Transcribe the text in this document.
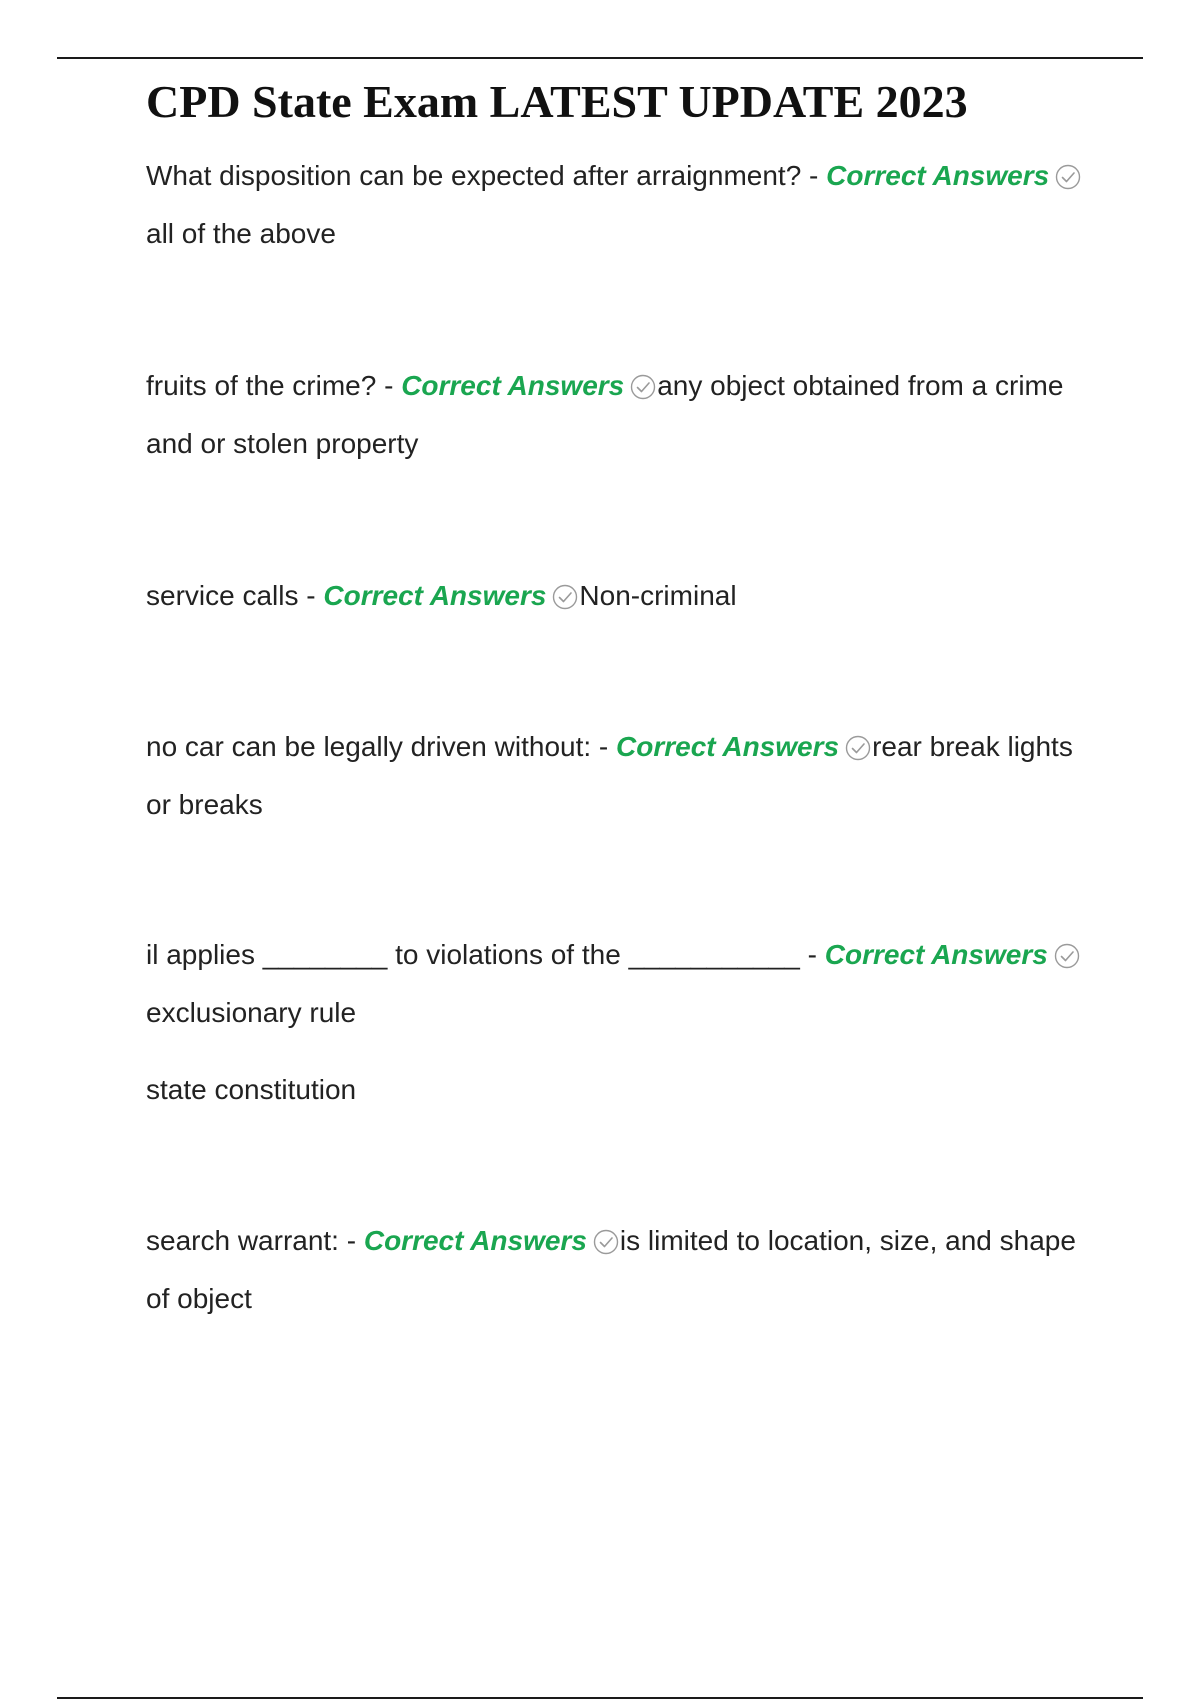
CPD State Exam LATEST UPDATE 2023

What disposition can be expected after arraignment? - Correct Answers
all of the above

fruits of the crime? - Correct Answers any object obtained from a crime and or stolen property

service calls - Correct Answers Non-criminal

no car can be legally driven without: - Correct Answers rear break lights or breaks

il applies ________ to violations of the ___________ - Correct Answers
exclusionary rule

state constitution

search warrant: - Correct Answers is limited to location, size, and shape of object
